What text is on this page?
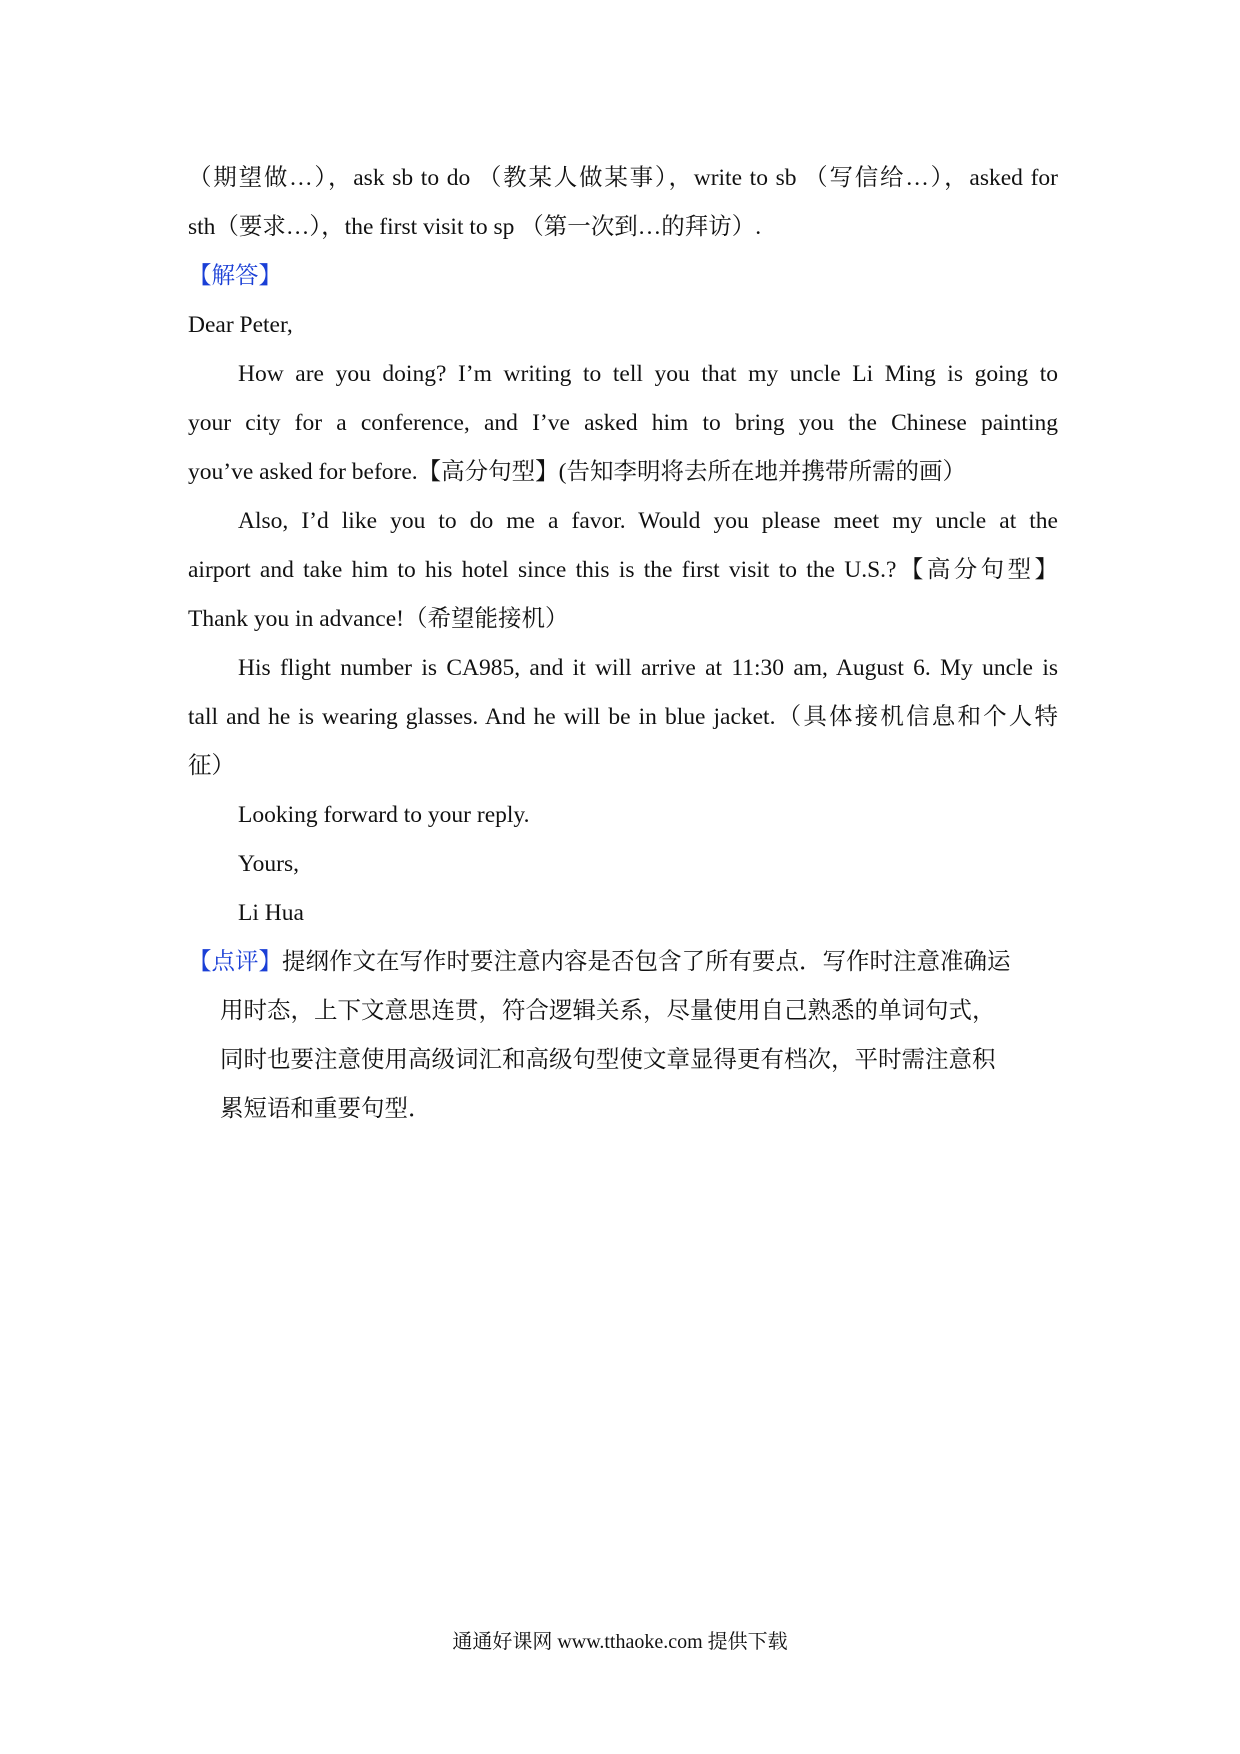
（期望做…），ask sb to do （教某人做某事），write to sb （写信给…），asked for
sth（要求…），the first visit to sp （第一次到…的拜访）.
【解答】
Dear Peter,
How are you doing? I’m writing to tell you that my uncle Li Ming is going to
your city for a conference, and I’ve asked him to bring you the Chinese painting
you’ve asked for before.【高分句型】(告知李明将去所在地并携带所需的画）
Also, I’d like you to do me a favor. Would you please meet my uncle at the
airport and take him to his hotel since this is the first visit to the U.S.?【高分句型】
Thank you in advance!（希望能接机）
His flight number is CA985, and it will arrive at 11:30 am, August 6. My uncle is
tall and he is wearing glasses. And he will be in blue jacket.（具体接机信息和个人特
征）
Looking forward to your reply.
Yours,
Li Hua
【点评】提纲作文在写作时要注意内容是否包含了所有要点．写作时注意准确运
用时态，上下文意思连贯，符合逻辑关系，尽量使用自己熟悉的单词句式，
同时也要注意使用高级词汇和高级句型使文章显得更有档次，平时需注意积
累短语和重要句型．
通通好课网 www.tthaoke.com 提供下载
